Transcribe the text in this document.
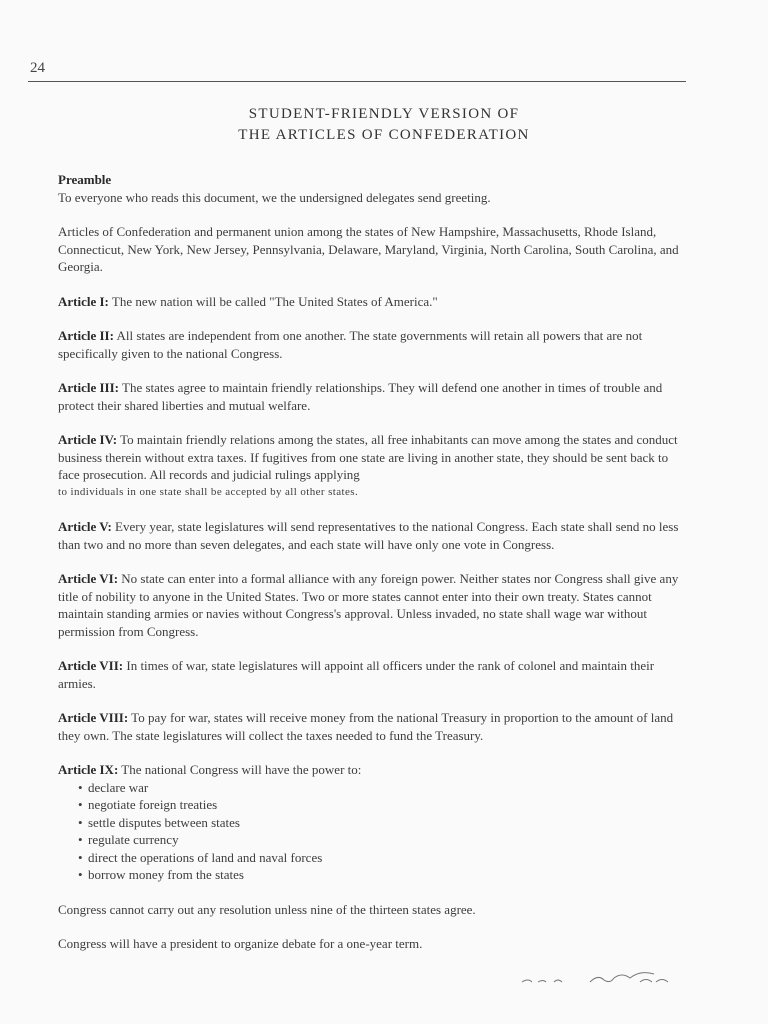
24
STUDENT-FRIENDLY VERSION OF
THE ARTICLES OF CONFEDERATION

Preamble

To everyone who reads this document, we the undersigned delegates send greeting.

Articles of Confederation and permanent union among the states of New Hampshire, Massachusetts, Rhode Island, Connecticut, New York, New Jersey, Pennsylvania, Delaware, Maryland, Virginia, North Carolina, South Carolina, and Georgia.

Article I: The new nation will be called "The United States of America."

Article II: All states are independent from one another. The state governments will retain all powers that are not specifically given to the national Congress.

Article III: The states agree to maintain friendly relationships. They will defend one another in times of trouble and protect their shared liberties and mutual welfare.

Article IV: To maintain friendly relations among the states, all free inhabitants can move among the states and conduct business therein without extra taxes. If fugitives from one state are living in another state, they should be sent back to face prosecution. All records and judicial rulings applying

to individuals in one state shall be accepted by all other states.

Article V: Every year, state legislatures will send representatives to the national Congress. Each state shall send no less than two and no more than seven delegates, and each state will have only one vote in Congress.

Article VI: No state can enter into a formal alliance with any foreign power. Neither states nor Congress shall give any title of nobility to anyone in the United States. Two or more states cannot enter into their own treaty. States cannot maintain standing armies or navies without Congress's approval. Unless invaded, no state shall wage war without permission from Congress.

Article VII: In times of war, state legislatures will appoint all officers under the rank of colonel and maintain their armies.

Article VIII: To pay for war, states will receive money from the national Treasury in proportion to the amount of land they own. The state legislatures will collect the taxes needed to fund the Treasury.

Article IX: The national Congress will have the power to:

• declare war
• negotiate foreign treaties
• settle disputes between states
• regulate currency
• direct the operations of land and naval forces
• borrow money from the states

Congress cannot carry out any resolution unless nine of the thirteen states agree.

Congress will have a president to organize debate for a one-year term.
